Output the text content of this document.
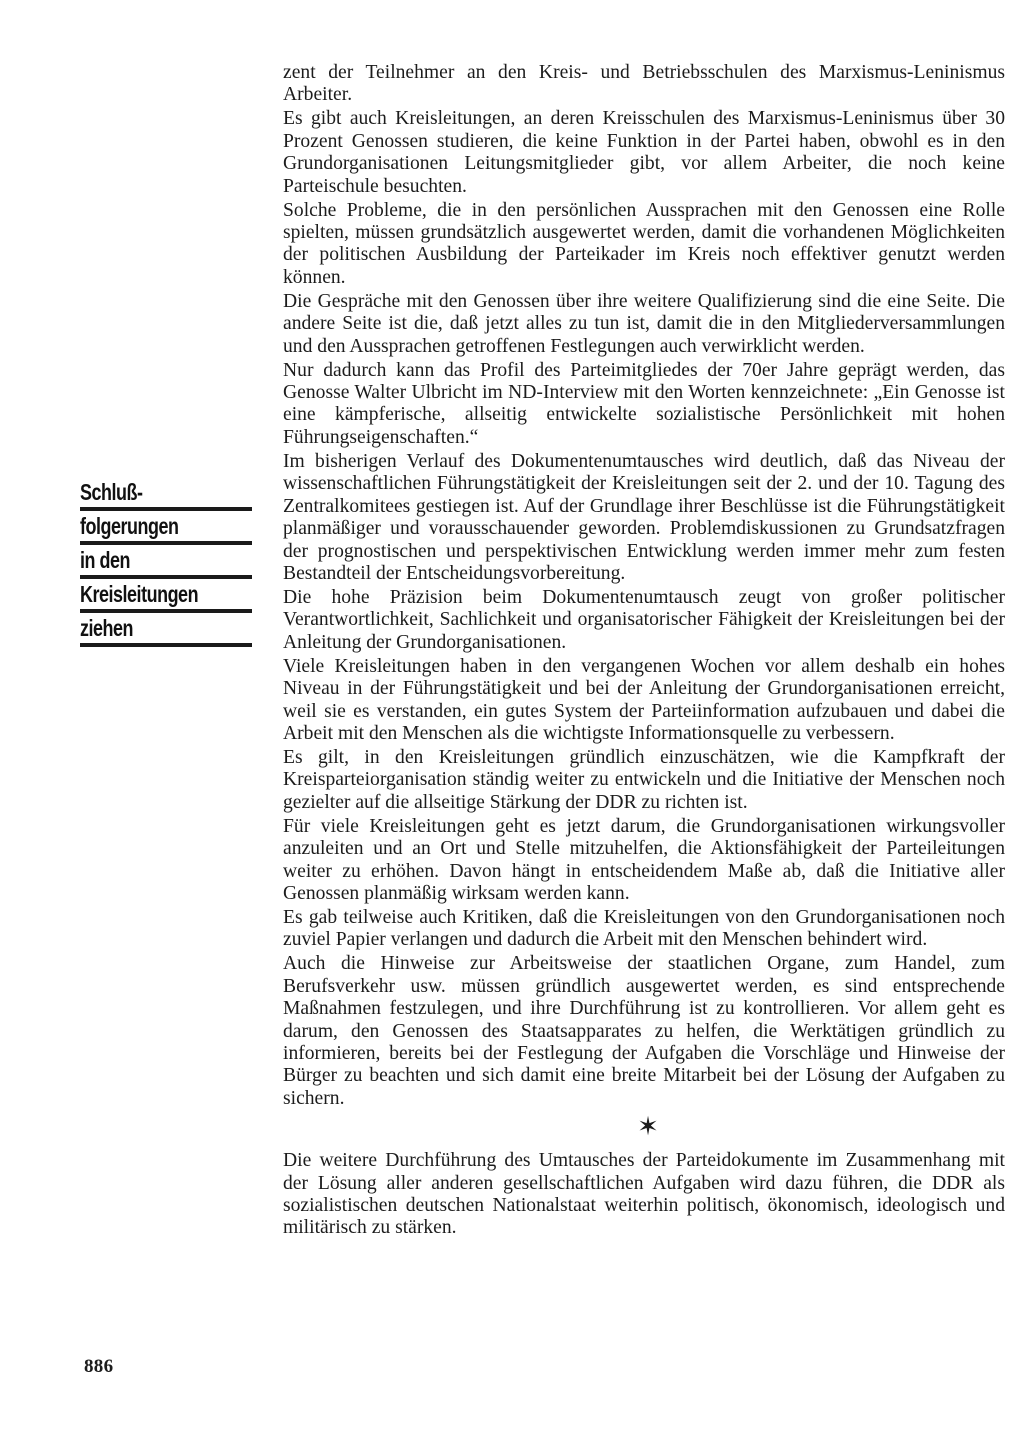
Schluß-
folgerungen
in den
Kreisleitungen
ziehen

zent der Teilnehmer an den Kreis- und Betriebsschulen des Marxismus-Leninismus Arbeiter.

Es gibt auch Kreisleitungen, an deren Kreisschulen des Marxismus-Leninismus über 30 Prozent Genossen studieren, die keine Funktion in der Partei haben, obwohl es in den Grundorganisationen Leitungsmitglieder gibt, vor allem Arbeiter, die noch keine Parteischule besuchten.

Solche Probleme, die in den persönlichen Aussprachen mit den Genossen eine Rolle spielten, müssen grundsätzlich ausgewertet werden, damit die vorhandenen Möglichkeiten der politischen Ausbildung der Parteikader im Kreis noch effektiver genutzt werden können.

Die Gespräche mit den Genossen über ihre weitere Qualifizierung sind die eine Seite. Die andere Seite ist die, daß jetzt alles zu tun ist, damit die in den Mitgliederversammlungen und den Aussprachen getroffenen Festlegungen auch verwirklicht werden.

Nur dadurch kann das Profil des Parteimitgliedes der 70er Jahre geprägt werden, das Genosse Walter Ulbricht im ND-Interview mit den Worten kennzeichnete: „Ein Genosse ist eine kämpferische, allseitig entwickelte sozialistische Persönlichkeit mit hohen Führungseigenschaften.“

Im bisherigen Verlauf des Dokumentenumtausches wird deutlich, daß das Niveau der wissenschaftlichen Führungstätigkeit der Kreisleitungen seit der 2. und der 10. Tagung des Zentralkomitees gestiegen ist. Auf der Grundlage ihrer Beschlüsse ist die Führungstätigkeit planmäßiger und vorausschauender geworden. Problemdiskussionen zu Grundsatzfragen der prognostischen und perspektivischen Entwicklung werden immer mehr zum festen Bestandteil der Entscheidungsvorbereitung.

Die hohe Präzision beim Dokumentenumtausch zeugt von großer politischer Verantwortlichkeit, Sachlichkeit und organisatorischer Fähigkeit der Kreisleitungen bei der Anleitung der Grundorganisationen.

Viele Kreisleitungen haben in den vergangenen Wochen vor allem deshalb ein hohes Niveau in der Führungstätigkeit und bei der Anleitung der Grundorganisationen erreicht, weil sie es verstanden, ein gutes System der Parteiinformation aufzubauen und dabei die Arbeit mit den Menschen als die wichtigste Informationsquelle zu verbessern.

Es gilt, in den Kreisleitungen gründlich einzuschätzen, wie die Kampfkraft der Kreisparteiorganisation ständig weiter zu entwickeln und die Initiative der Menschen noch gezielter auf die allseitige Stärkung der DDR zu richten ist.

Für viele Kreisleitungen geht es jetzt darum, die Grundorganisationen wirkungsvoller anzuleiten und an Ort und Stelle mitzuhelfen, die Aktionsfähigkeit der Parteileitungen weiter zu erhöhen. Davon hängt in entscheidendem Maße ab, daß die Initiative aller Genossen planmäßig wirksam werden kann.

Es gab teilweise auch Kritiken, daß die Kreisleitungen von den Grundorganisationen noch zuviel Papier verlangen und dadurch die Arbeit mit den Menschen behindert wird.

Auch die Hinweise zur Arbeitsweise der staatlichen Organe, zum Handel, zum Berufsverkehr usw. müssen gründlich ausgewertet werden, es sind entsprechende Maßnahmen festzulegen, und ihre Durchführung ist zu kontrollieren. Vor allem geht es darum, den Genossen des Staatsapparates zu helfen, die Werktätigen gründlich zu informieren, bereits bei der Festlegung der Aufgaben die Vorschläge und Hinweise der Bürger zu beachten und sich damit eine breite Mitarbeit bei der Lösung der Aufgaben zu sichern.

✶

Die weitere Durchführung des Umtausches der Parteidokumente im Zusammenhang mit der Lösung aller anderen gesellschaftlichen Aufgaben wird dazu führen, die DDR als sozialistischen deutschen Nationalstaat weiterhin politisch, ökonomisch, ideologisch und militärisch zu stärken.

886
